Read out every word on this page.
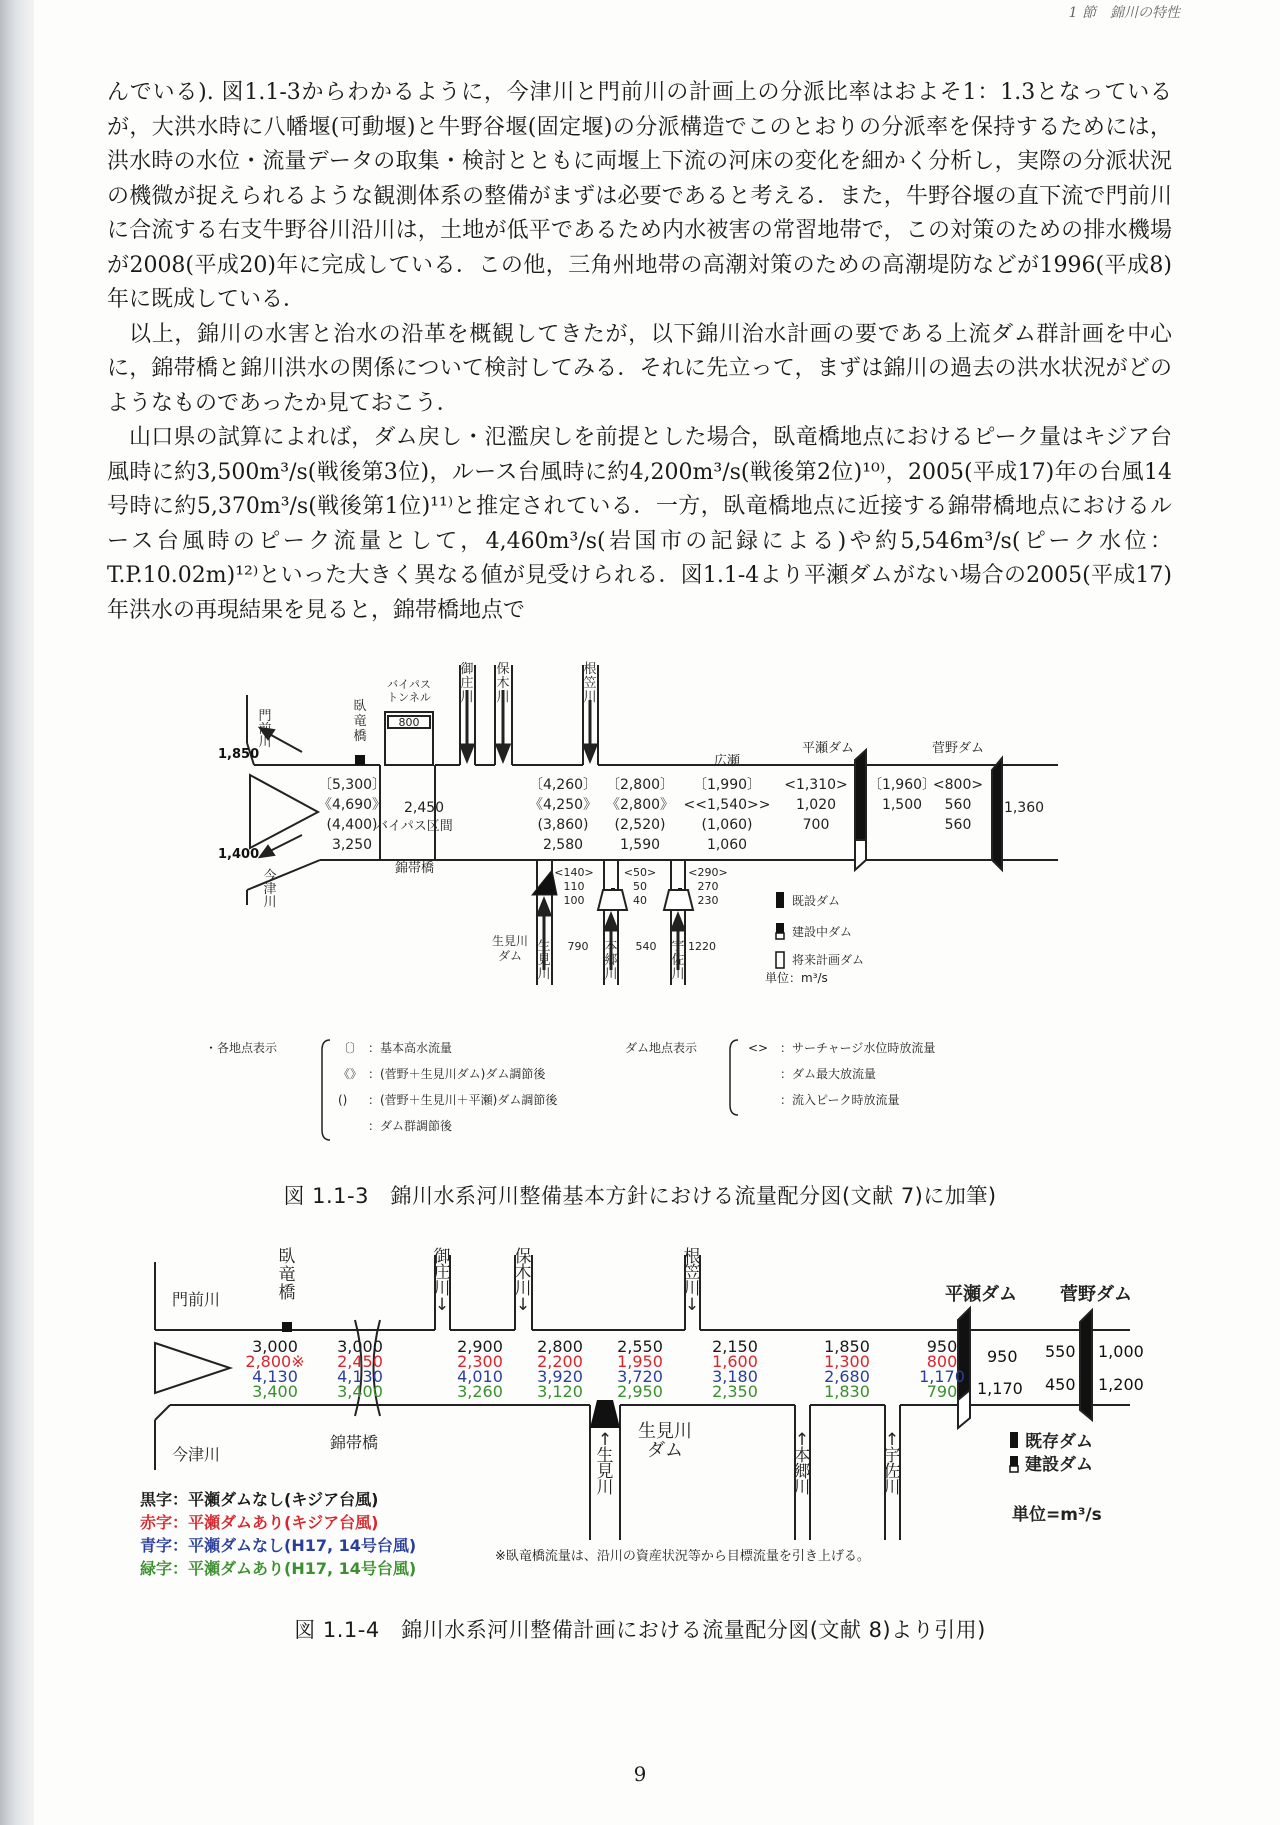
1 節　錦川の特性

んでいる). 図1.1-3からわかるように，今津川と門前川の計画上の分派比率はおよそ1：1.3となっているが，大洪水時に八幡堰(可動堰)と牛野谷堰(固定堰)の分派構造でこのとおりの分派率を保持するためには，洪水時の水位・流量データの取集・検討とともに両堰上下流の河床の変化を細かく分析し，実際の分派状況の機微が捉えられるような観測体系の整備がまずは必要であると考える．また，牛野谷堰の直下流で門前川に合流する右支牛野谷川沿川は，土地が低平であるため内水被害の常習地帯で，この対策のための排水機場が2008(平成20)年に完成している．この他，三角州地帯の高潮対策のための高潮堤防などが1996(平成8)年に既成している．

以上，錦川の水害と治水の沿革を概観してきたが，以下錦川治水計画の要である上流ダム群計画を中心に，錦帯橋と錦川洪水の関係について検討してみる．それに先立って，まずは錦川の過去の洪水状況がどのようなものであったか見ておこう．

山口県の試算によれば，ダム戻し・氾濫戻しを前提とした場合，臥竜橋地点におけるピーク量はキジア台風時に約3,500m³/s(戦後第3位)，ルース台風時に約4,200m³/s(戦後第2位)¹⁰⁾，2005(平成17)年の台風14号時に約5,370m³/s(戦後第1位)¹¹⁾と推定されている．一方，臥竜橋地点に近接する錦帯橋地点におけるルース台風時のピーク流量として，4,460m³/s(岩国市の記録による)や約5,546m³/s(ピーク水位：T.P.10.02m)¹²⁾といった大きく異なる値が見受けられる．図1.1-4より平瀬ダムがない場合の2005(平成17)年洪水の再現結果を見ると，錦帯橋地点で

バイパス
トンネル
800
臥
竜
橋
門
前
川
今
津
川
御
庄
川
保
木
川
根
笠
川
生
見
川
本
郷
川
宇
佐
川
生見川
ダム
1,850
1,400
錦帯橋
広瀬
平瀬ダム	菅野ダム
2,450
バイパス区間
〔5,300〕
《4,690》
(4,400)
3,250
〔4,260〕
《4,250》
(3,860)
2,580
〔2,800〕
《2,800》
(2,520)
1,590
〔1,990〕
<<1,540>>
(1,060)
1,060
<1,310>
1,020
700
〔1,960〕
1,500
<800>
560
560
1,360
<140>
110
100
<50>
50
40
<290>
270
230
790	540	1220
既設ダム
建設中ダム
将来計画ダム
単位：m³/s
・各地点表示	〔〕 ：基本高水流量
《》 ：(菅野＋生見川ダム)ダム調節後
() ：(菅野＋生見川＋平瀬)ダム調節後
：ダム群調節後
ダム地点表示	<> ：サーチャージ水位時放流量
：ダム最大放流量
：流入ピーク時放流量
図 1.1-3　錦川水系河川整備基本方針における流量配分図(文献 7)に加筆)
門前川
今津川
錦帯橋
平瀬ダム 菅野ダム
臥
竜
橋
御
庄
川
↓
保
木
川
↓
根
笠
川
↓
↑
生
見
川
↑
本
郷
川
↑
宇
佐
川
生見川
ダム
3,000
2,800※
4,130
3,400
3,000
2,450
4,130
3,400
2,900
2,300
4,010
3,260
2,800
2,200
3,920
3,120
2,550
1,950
3,720
2,950
2,150
1,600
3,180
2,350
1,850
1,300
2,680
1,830
950
800
1,170
790
950
1,170
550
450
1,000
1,200
既存ダム
建設ダム
単位=m³/s
黒字：平瀬ダムなし(キジア台風)
赤字：平瀬ダムあり(キジア台風)
青字：平瀬ダムなし(H17, 14号台風)
緑字：平瀬ダムあり(H17, 14号台風)
※臥竜橋流量は、沿川の資産状況等から目標流量を引き上げる。
図 1.1-4　錦川水系河川整備計画における流量配分図(文献 8)より引用)
9
